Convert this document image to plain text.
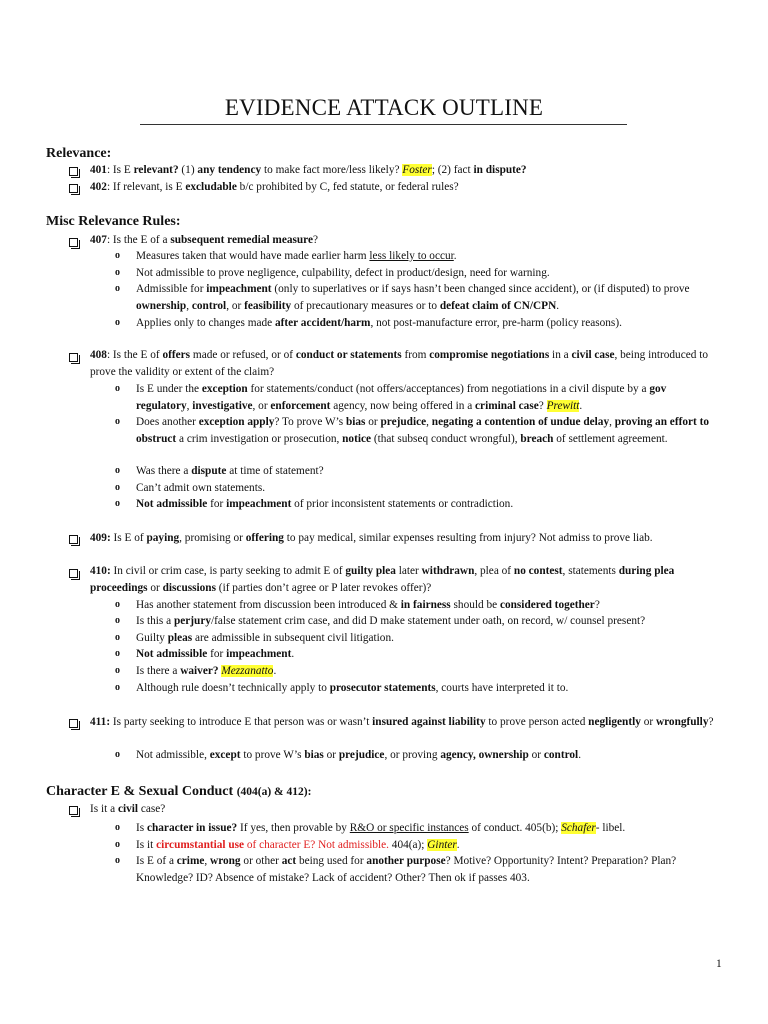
EVIDENCE ATTACK OUTLINE
Relevance:
401: Is E relevant? (1) any tendency to make fact more/less likely? Foster; (2) fact in dispute?
402: If relevant, is E excludable b/c prohibited by C, fed statute, or federal rules?
Misc Relevance Rules:
407: Is the E of a subsequent remedial measure?
o Measures taken that would have made earlier harm less likely to occur.
o Not admissible to prove negligence, culpability, defect in product/design, need for warning.
o Admissible for impeachment (only to superlatives or if says hasn’t been changed since accident), or (if disputed) to prove ownership, control, or feasibility of precautionary measures or to defeat claim of CN/CPN.
o Applies only to changes made after accident/harm, not post-manufacture error, pre-harm (policy reasons).
408: Is the E of offers made or refused, or of conduct or statements from compromise negotiations in a civil case, being introduced to prove the validity or extent of the claim?
o Is E under the exception for statements/conduct (not offers/acceptances) from negotiations in a civil dispute by a gov regulatory, investigative, or enforcement agency, now being offered in a criminal case? Prewitt.
o Does another exception apply? To prove W’s bias or prejudice, negating a contention of undue delay, proving an effort to obstruct a crim investigation or prosecution, notice (that subseq conduct wrongful), breach of settlement agreement.
o Was there a dispute at time of statement?
o Can’t admit own statements.
o Not admissible for impeachment of prior inconsistent statements or contradiction.
409: Is E of paying, promising or offering to pay medical, similar expenses resulting from injury? Not admiss to prove liab.
410: In civil or crim case, is party seeking to admit E of guilty plea later withdrawn, plea of no contest, statements during plea proceedings or discussions (if parties don’t agree or P later revokes offer)?
o Has another statement from discussion been introduced & in fairness should be considered together?
o Is this a perjury/false statement crim case, and did D make statement under oath, on record, w/ counsel present?
o Guilty pleas are admissible in subsequent civil litigation.
o Not admissible for impeachment.
o Is there a waiver? Mezzanatto.
o Although rule doesn’t technically apply to prosecutor statements, courts have interpreted it to.
411: Is party seeking to introduce E that person was or wasn’t insured against liability to prove person acted negligently or wrongfully?
o Not admissible, except to prove W’s bias or prejudice, or proving agency, ownership or control.
Character E & Sexual Conduct (404(a) & 412):
Is it a civil case?
o Is character in issue? If yes, then provable by R&O or specific instances of conduct. 405(b); Schafer- libel.
o Is it circumstantial use of character E? Not admissible. 404(a); Ginter.
o Is E of a crime, wrong or other act being used for another purpose? Motive? Opportunity? Intent? Preparation? Plan? Knowledge? ID? Absence of mistake? Lack of accident? Other? Then ok if passes 403.
1
